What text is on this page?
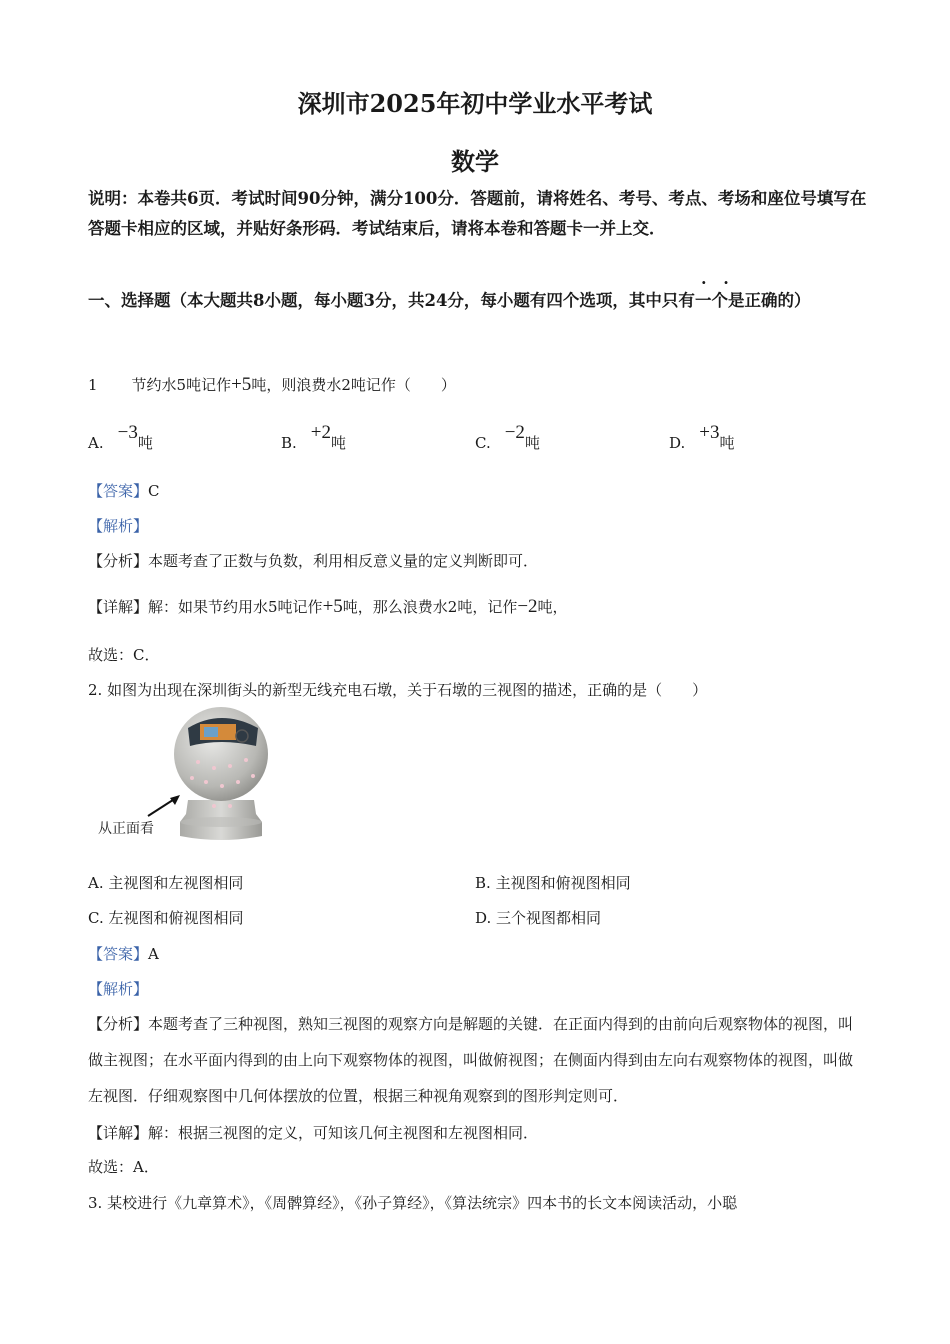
深圳市2025年初中学业水平考试
数学
说明：本卷共6页．考试时间90分钟，满分100分．答题前，请将姓名、考号、考点、考场和座位号填写在答题卡相应的区域，并贴好条形码．考试结束后，请将本卷和答题卡一并上交．
一、选择题（本大题共8小题，每小题3分，共24分，每小题有四个选项，其中只有· · 一个是正确的）
1 节约水5吨记作+5吨，则浪费水2吨记作（　　）
A. −3吨	B. +2吨	C. −2吨	D. +3吨
【答案】C
【解析】
【分析】本题考查了正数与负数，利用相反意义量的定义判断即可．
【详解】解：如果节约用水5吨记作+5吨，那么浪费水2吨，记作−2吨，
故选：C．
2. 如图为出现在深圳街头的新型无线充电石墩，关于石墩的三视图的描述，正确的是（　　）
从正面看
A. 主视图和左视图相同	B. 主视图和俯视图相同
C. 左视图和俯视图相同	D. 三个视图都相同
【答案】A
【解析】
【分析】本题考查了三种视图，熟知三视图的观察方向是解题的关键．在正面内得到的由前向后观察物体的视图，叫做主视图；在水平面内得到的由上向下观察物体的视图，叫做俯视图；在侧面内得到由左向右观察物体的视图，叫做左视图．仔细观察图中几何体摆放的位置，根据三种视角观察到的图形判定则可．
【详解】解：根据三视图的定义，可知该几何主视图和左视图相同．
故选：A．
3. 某校进行《九章算术》，《周髀算经》，《孙子算经》，《算法统宗》四本书的长文本阅读活动，小聪
